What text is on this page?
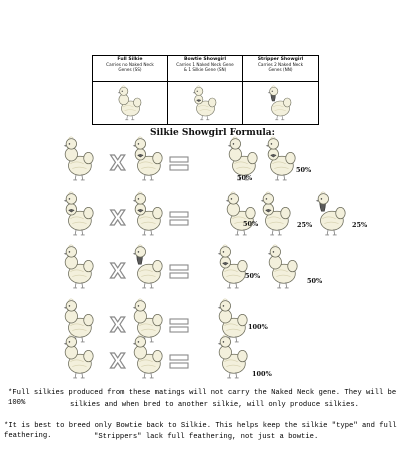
Full Silkie
Carries no Naked Neck
Genes (SS)
Bowtie Showgirl
Carries 1 Naked Neck Gene
& 1 Silkie Gene (SN)
Stripper Showgirl
Carries 2 Naked Neck
Genes (NN)
Silkie Showgirl Formula:
X
50%
50%
X	50%	25%	25%
X	50%
50%
X	100%
X
100%
*Full silkies produced from these matings will not carry the Naked Neck gene. They will be 100%	silkies and when bred to another silkie, will only produce silkies.
*It is best to breed only Bowtie back to Silkie. This helps keep the silkie "type" and full feathering.	"Strippers" lack full feathering, not just a bowtie.
